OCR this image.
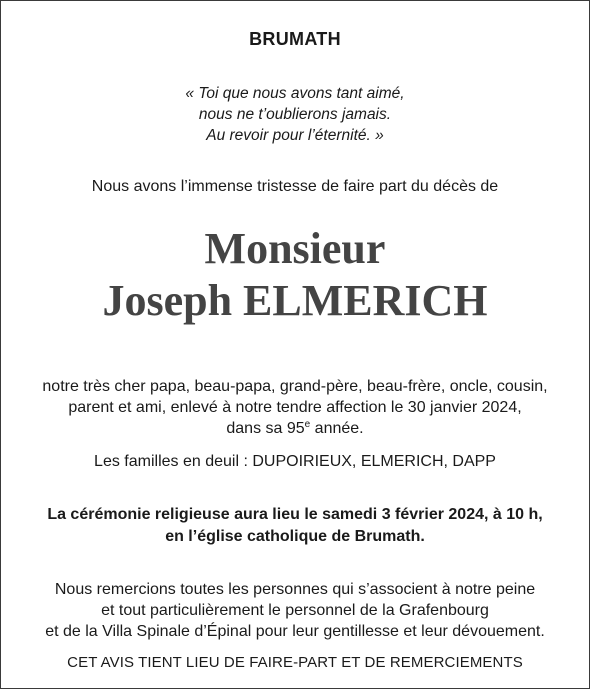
BRUMATH
« Toi que nous avons tant aimé,
nous ne t’oublierons jamais.
Au revoir pour l’éternité. »
Nous avons l’immense tristesse de faire part du décès de
Monsieur
Joseph ELMERICH
notre très cher papa, beau-papa, grand-père, beau-frère, oncle, cousin,
parent et ami, enlevé à notre tendre affection le 30 janvier 2024,
dans sa 95e année.
Les familles en deuil : DUPOIRIEUX, ELMERICH, DAPP
La cérémonie religieuse aura lieu le samedi 3 février 2024, à 10 h,
en l’église catholique de Brumath.
Nous remercions toutes les personnes qui s’associent à notre peine
et tout particulièrement le personnel de la Grafenbourg
et de la Villa Spinale d’Épinal pour leur gentillesse et leur dévouement.
CET AVIS TIENT LIEU DE FAIRE-PART ET DE REMERCIEMENTS
